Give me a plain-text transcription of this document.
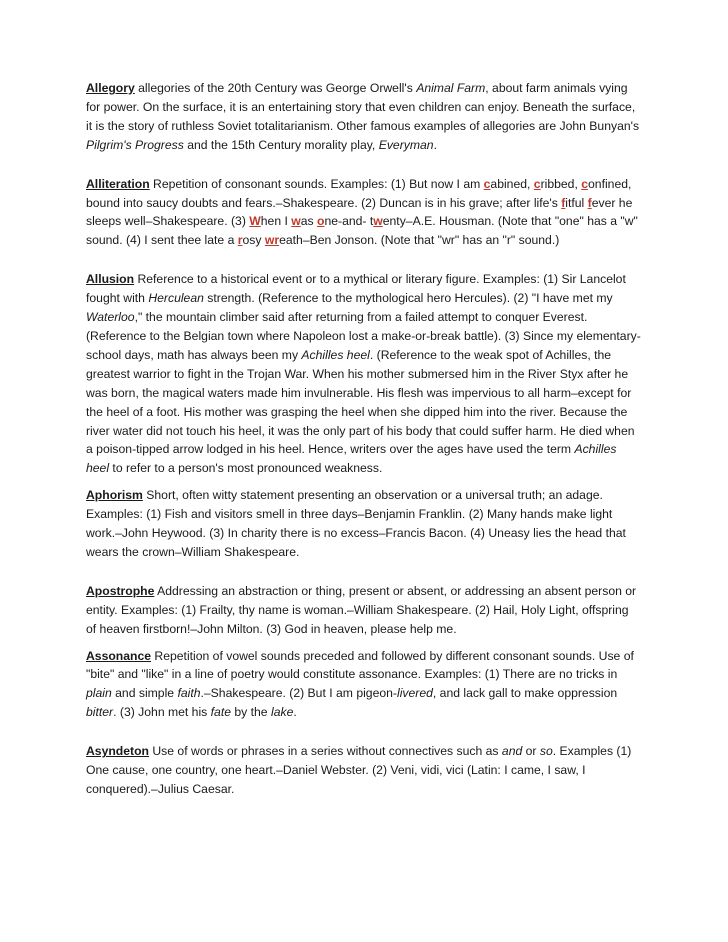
Allegory allegories of the 20th Century was George Orwell's Animal Farm, about farm animals vying for power. On the surface, it is an entertaining story that even children can enjoy. Beneath the surface, it is the story of ruthless Soviet totalitarianism. Other famous examples of allegories are John Bunyan's Pilgrim's Progress and the 15th Century morality play, Everyman.

Alliteration Repetition of consonant sounds. Examples: (1) But now I am cabined, cribbed, confined, bound into saucy doubts and fears.–Shakespeare. (2) Duncan is in his grave; after life's fitful fever he sleeps well–Shakespeare. (3) When I was one-and- twenty–A.E. Housman. (Note that "one" has a "w" sound. (4) I sent thee late a rosy wreath–Ben Jonson. (Note that "wr" has an "r" sound.)

Allusion Reference to a historical event or to a mythical or literary figure. Examples: (1) Sir Lancelot fought with Herculean strength. (Reference to the mythological hero Hercules). (2) "I have met my Waterloo," the mountain climber said after returning from a failed attempt to conquer Everest. (Reference to the Belgian town where Napoleon lost a make-or-break battle). (3) Since my elementary-school days, math has always been my Achilles heel. (Reference to the weak spot of Achilles, the greatest warrior to fight in the Trojan War. When his mother submersed him in the River Styx after he was born, the magical waters made him invulnerable. His flesh was impervious to all harm–except for the heel of a foot. His mother was grasping the heel when she dipped him into the river. Because the river water did not touch his heel, it was the only part of his body that could suffer harm. He died when a poison-tipped arrow lodged in his heel. Hence, writers over the ages have used the term Achilles heel to refer to a person's most pronounced weakness.

Aphorism Short, often witty statement presenting an observation or a universal truth; an adage. Examples: (1) Fish and visitors smell in three days–Benjamin Franklin. (2) Many hands make light work.–John Heywood. (3) In charity there is no excess–Francis Bacon. (4) Uneasy lies the head that wears the crown–William Shakespeare.

Apostrophe Addressing an abstraction or thing, present or absent, or addressing an absent person or entity. Examples: (1) Frailty, thy name is woman.–William Shakespeare. (2) Hail, Holy Light, offspring of heaven firstborn!–John Milton. (3) God in heaven, please help me.

Assonance Repetition of vowel sounds preceded and followed by different consonant sounds. Use of "bite" and "like" in a line of poetry would constitute assonance. Examples: (1) There are no tricks in plain and simple faith.–Shakespeare. (2) But I am pigeon-livered, and lack gall to make oppression bitter. (3) John met his fate by the lake.

Asyndeton Use of words or phrases in a series without connectives such as and or so. Examples (1) One cause, one country, one heart.–Daniel Webster. (2) Veni, vidi, vici (Latin: I came, I saw, I conquered).–Julius Caesar.
